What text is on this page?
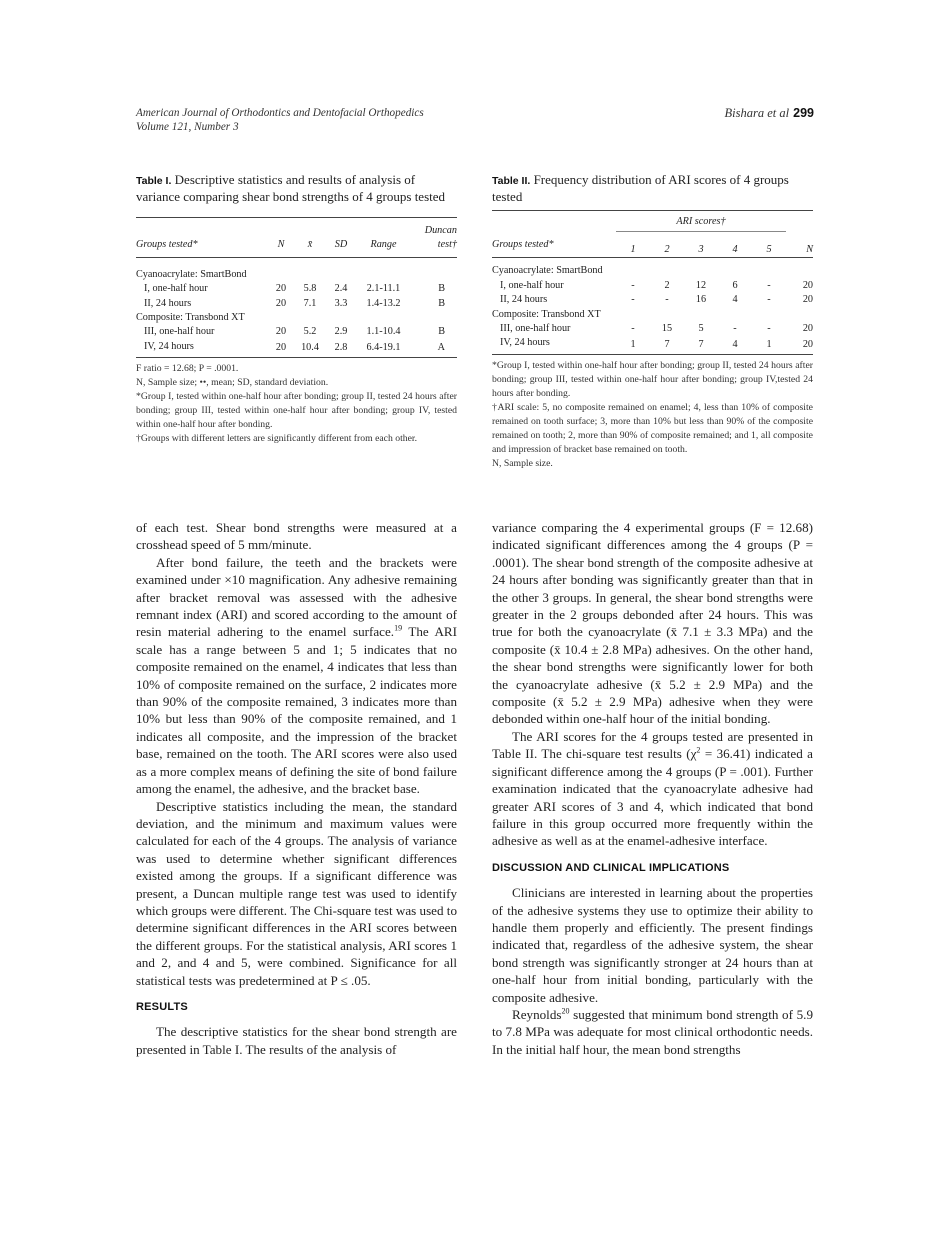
American Journal of Orthodontics and Dentofacial Orthopedics
Volume 121, Number 3
Bishara et al 299

Table I. Descriptive statistics and results of analysis of variance comparing shear bond strengths of 4 groups tested

Groups tested*	N	x̄	SD	Range	Duncan
test†
Cyanoacrylate: SmartBond					
I, one-half hour	20	5.8	2.4	2.1-11.1	B
II, 24 hours	20	7.1	3.3	1.4-13.2	B
Composite: Transbond XT					
III, one-half hour	20	5.2	2.9	1.1-10.4	B
IV, 24 hours	20	10.4	2.8	6.4-19.1	A

F ratio = 12.68; P = .0001.

N, Sample size; ••, mean; SD, standard deviation.

*Group I, tested within one-half hour after bonding; group II, tested 24 hours after bonding; group III, tested within one-half hour after bonding; group IV, tested within one-half hour after bonding.

†Groups with different letters are significantly different from each other.

Table II. Frequency distribution of ARI scores of 4 groups tested

	ARI scores†					
Groups tested*	1	2	3	4	5	N
Cyanoacrylate: SmartBond						
I, one-half hour	-	2	12	6	-	20
II, 24 hours	-	-	16	4	-	20
Composite: Transbond XT						
III, one-half hour	-	15	5	-	-	20
IV, 24 hours	1	7	7	4	1	20

*Group I, tested within one-half hour after bonding; group II, tested 24 hours after bonding; group III, tested within one-half hour after bonding; group IV,tested 24 hours after bonding.

†ARI scale: 5, no composite remained on enamel; 4, less than 10% of composite remained on tooth surface; 3, more than 10% but less than 90% of the composite remained on tooth; 2, more than 90% of composite remained; and 1, all composite and impression of bracket base remained on tooth.

N, Sample size.

of each test. Shear bond strengths were measured at a crosshead speed of 5 mm/minute.

After bond failure, the teeth and the brackets were examined under ×10 magnification. Any adhesive remaining after bracket removal was assessed with the adhesive remnant index (ARI) and scored according to the amount of resin material adhering to the enamel surface.$^{19}$ The ARI scale has a range between 5 and 1; 5 indicates that no composite remained on the enamel, 4 indicates that less than 10% of composite remained on the surface, 2 indicates more than 90% of the composite remained, 3 indicates more than 10% but less than 90% of the composite remained, and 1 indicates all composite, and the impression of the bracket base, remained on the tooth. The ARI scores were also used as a more complex means of defining the site of bond failure among the enamel, the adhesive, and the bracket base.

Descriptive statistics including the mean, the standard deviation, and the minimum and maximum values were calculated for each of the 4 groups. The analysis of variance was used to determine whether significant differences existed among the groups. If a significant difference was present, a Duncan multiple range test was used to identify which groups were different. The Chi-square test was used to determine significant differences in the ARI scores between the different groups. For the statistical analysis, ARI scores 1 and 2, and 4 and 5, were combined. Significance for all statistical tests was predetermined at P ≤ .05.

RESULTS

The descriptive statistics for the shear bond strength are presented in Table I. The results of the analysis of

variance comparing the 4 experimental groups (F = 12.68) indicated significant differences among the 4 groups (P = .0001). The shear bond strength of the composite adhesive at 24 hours after bonding was significantly greater than that in the other 3 groups. In general, the shear bond strengths were greater in the 2 groups debonded after 24 hours. This was true for both the cyanoacrylate (x̄ 7.1 ± 3.3 MPa) and the composite (x̄ 10.4 ± 2.8 MPa) adhesives. On the other hand, the shear bond strengths were significantly lower for both the cyanoacrylate adhesive (x̄ 5.2 ± 2.9 MPa) and the composite (x̄ 5.2 ± 2.9 MPa) adhesive when they were debonded within one-half hour of the initial bonding.

The ARI scores for the 4 groups tested are presented in Table II. The chi-square test results $(\chi^2 = 36.41)$ indicated a significant difference among the 4 groups (P = .001). Further examination indicated that the cyanoacrylate adhesive had greater ARI scores of 3 and 4, which indicated that bond failure in this group occurred more frequently within the adhesive as well as at the enamel-adhesive interface.

DISCUSSION AND CLINICAL IMPLICATIONS

Clinicians are interested in learning about the properties of the adhesive systems they use to optimize their ability to handle them properly and efficiently. The present findings indicated that, regardless of the adhesive system, the shear bond strength was significantly stronger at 24 hours than at one-half hour from initial bonding, particularly with the composite adhesive.

Reynolds$^{20}$ suggested that minimum bond strength of 5.9 to 7.8 MPa was adequate for most clinical orthodontic needs. In the initial half hour, the mean bond strengths
